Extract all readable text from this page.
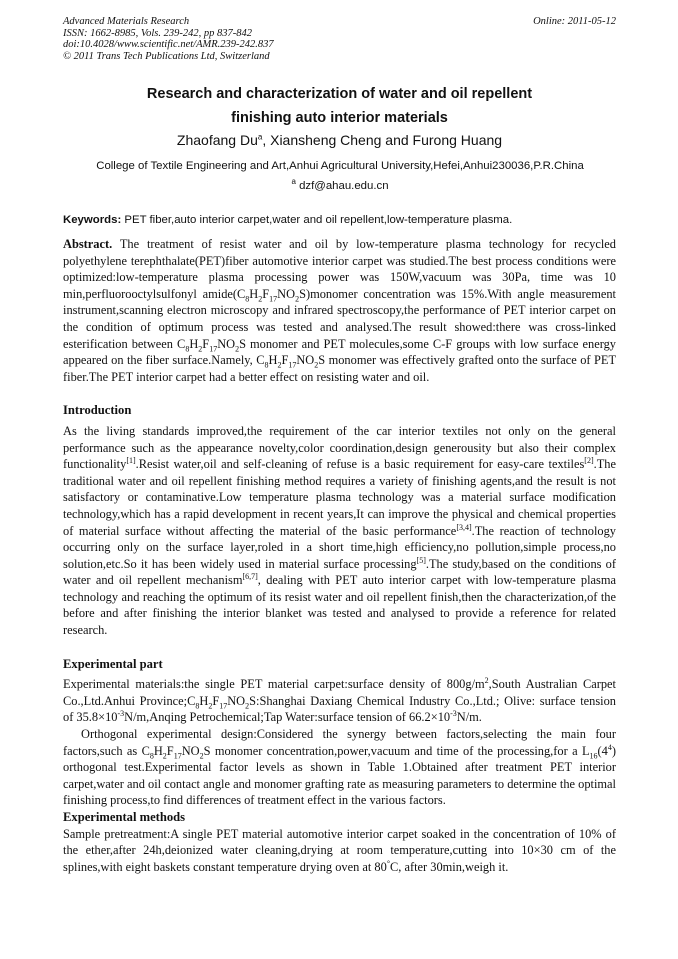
Advanced Materials Research
ISSN: 1662-8985, Vols. 239-242, pp 837-842
doi:10.4028/www.scientific.net/AMR.239-242.837
© 2011 Trans Tech Publications Ltd, Switzerland
Online: 2011-05-12
Research and characterization of water and oil repellent
finishing auto interior materials
Zhaofang Du$^a$, Xiansheng Cheng and Furong Huang
College of Textile Engineering and Art,Anhui Agricultural University,Hefei,Anhui230036,P.R.China
$^a$ dzf@ahau.edu.cn
Keywords: PET fiber,auto interior carpet,water and oil repellent,low-temperature plasma.

Abstract. The treatment of resist water and oil by low-temperature plasma technology for recycled polyethylene terephthalate(PET)fiber automotive interior carpet was studied.The best process conditions were optimized:low-temperature plasma processing power was 150W,vacuum was 30Pa, time was 10 min,perfluorooctylsulfonyl $amide(C_8H_2F_{17}NO_2S)monomer$ concentration was 15%.With angle measurement instrument,scanning electron microscopy and infrared spectroscopy,the performance of PET interior carpet on the condition of optimum process was tested and analysed.The result showed:there was cross-linked esterification between $C_8H_2F_{17}NO_2S$ monomer and PET molecules,some C-F groups with low surface energy appeared on the fiber surface.Namely, $C_8H_2F_{17}NO_2S$ monomer was effectively grafted onto the surface of PET fiber.The PET interior carpet had a better effect on resisting water and oil.

Introduction

As the living standards improved,the requirement of the car interior textiles not only on the general performance such as the appearance novelty,color coordination,design generousity but also their complex functionality[1].Resist water,oil and self-cleaning of refuse is a basic requirement for easy-care textiles[2].The traditional water and oil repellent finishing method requires a variety of finishing agents,and the result is not satisfactory or contaminative.Low temperature plasma technology was a material surface modification technology,which has a rapid development in recent years,It can improve the physical and chemical properties of material surface without affecting the material of the basic performance[3,4].The reaction of technology occurring only on the surface layer,roled in a short time,high efficiency,no pollution,simple process,no solution,etc.So it has been widely used in material surface processing[5].The study,based on the conditions of water and oil repellent mechanism[6,7], dealing with PET auto interior carpet with low-temperature plasma technology and reaching the optimum of its resist water and oil repellent finish,then the characterization,of the before and after finishing the interior blanket was tested and analysed to provide a reference for related research.

Experimental part

Experimental materials:the single PET material carpet:surface density of $800g/m^2,South$ Australian Carpet Co.,Ltd.Anhui $Province;C_8H_2F_{17}NO_2S:Shanghai$ Daxiang Chemical Industry Co.,Ltd.; Olive: surface tension of $35.8\times 10^{-3}N/m,Anqing$ Petrochemical;Tap Water:surface tension of $66.2\times 10^{-3}N/m$.

Orthogonal experimental design:Considered the synergy between factors,selecting the main four factors,such as $C_8H_2F_{17}NO_2S$ monomer concentration,power,vacuum and time of the processing,for a $L_{16}(4^4)$ orthogonal test.Experimental factor levels as shown in Table 1.Obtained after treatment PET interior carpet,water and oil contact angle and monomer grafting rate as measuring parameters to determine the optimal finishing process,to find differences of treatment effect in the various factors.

Experimental methods

Sample pretreatment:A single PET material automotive interior carpet soaked in the concentration of 10% of the ether,after 24h,deionized water cleaning,drying at room temperature,cutting into 10×30 cm of the splines,with eight baskets constant temperature drying oven at 80°C, after 30min,weigh it.
